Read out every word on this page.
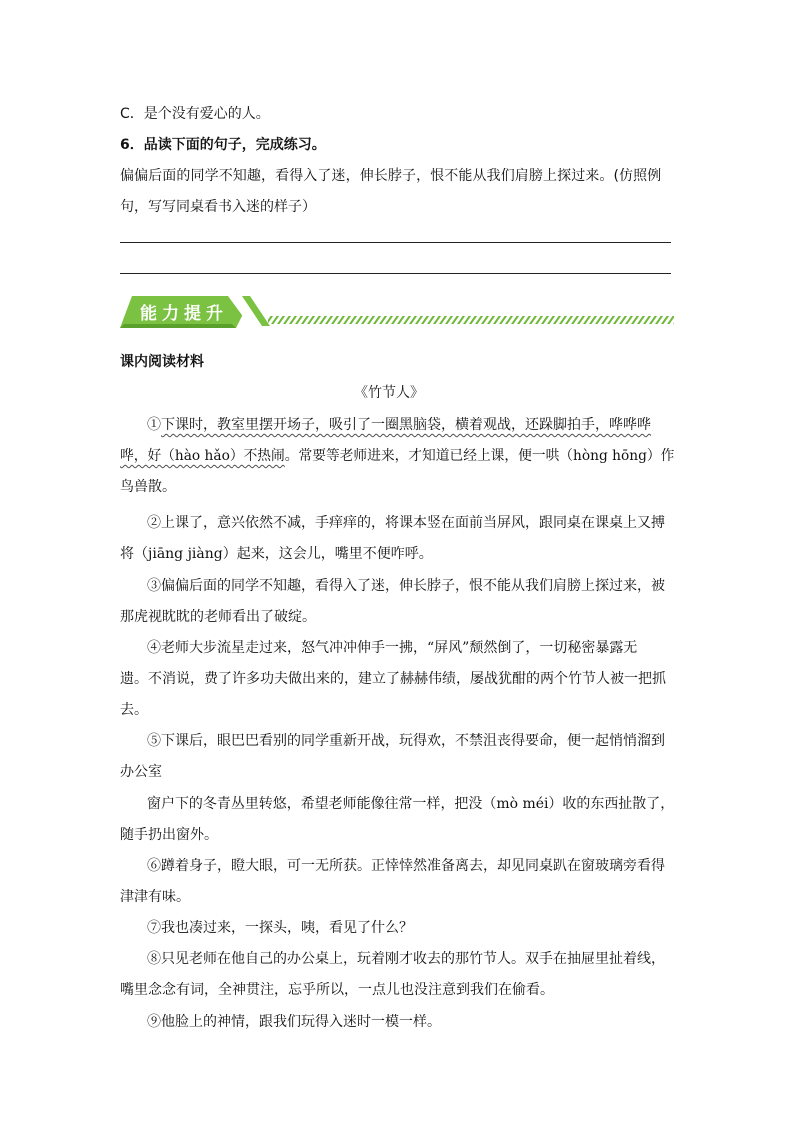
C．是个没有爱心的人。
6．品读下面的句子，完成练习。
偏偏后面的同学不知趣，看得入了迷，伸长脖子，恨不能从我们肩膀上探过来。(仿照例
句，写写同桌看书入迷的样子）
能力提升
课内阅读材料
《竹节人》
①下课时，教室里摆开场子，吸引了一圈黑脑袋，横着观战，还跺脚拍手，哗哗哗
哗，好（hào hǎo）不热闹。常要等老师进来，才知道已经上课，便一哄（hòng hōng）作
鸟兽散。
②上课了，意兴依然不减，手痒痒的，将课本竖在面前当屏风，跟同桌在课桌上又搏
将（jiāng jiàng）起来，这会儿，嘴里不便咋呼。
③偏偏后面的同学不知趣，看得入了迷，伸长脖子，恨不能从我们肩膀上探过来，被
那虎视眈眈的老师看出了破绽。
④老师大步流星走过来，怒气冲冲伸手一拂，“屏风”颓然倒了，一切秘密暴露无
遗。不消说，费了许多功夫做出来的，建立了赫赫伟绩，屡战犹酣的两个竹节人被一把抓
去。
⑤下课后，眼巴巴看别的同学重新开战，玩得欢，不禁沮丧得要命，便一起悄悄溜到
办公室
窗户下的冬青丛里转悠，希望老师能像往常一样，把没（mò méi）收的东西扯散了，
随手扔出窗外。
⑥蹲着身子，瞪大眼，可一无所获。正悻悻然准备离去，却见同桌趴在窗玻璃旁看得
津津有味。
⑦我也凑过来，一探头，咦，看见了什么？
⑧只见老师在他自己的办公桌上，玩着刚才收去的那竹节人。双手在抽屉里扯着线，
嘴里念念有词，全神贯注，忘乎所以，一点儿也没注意到我们在偷看。
⑨他脸上的神情，跟我们玩得入迷时一模一样。
